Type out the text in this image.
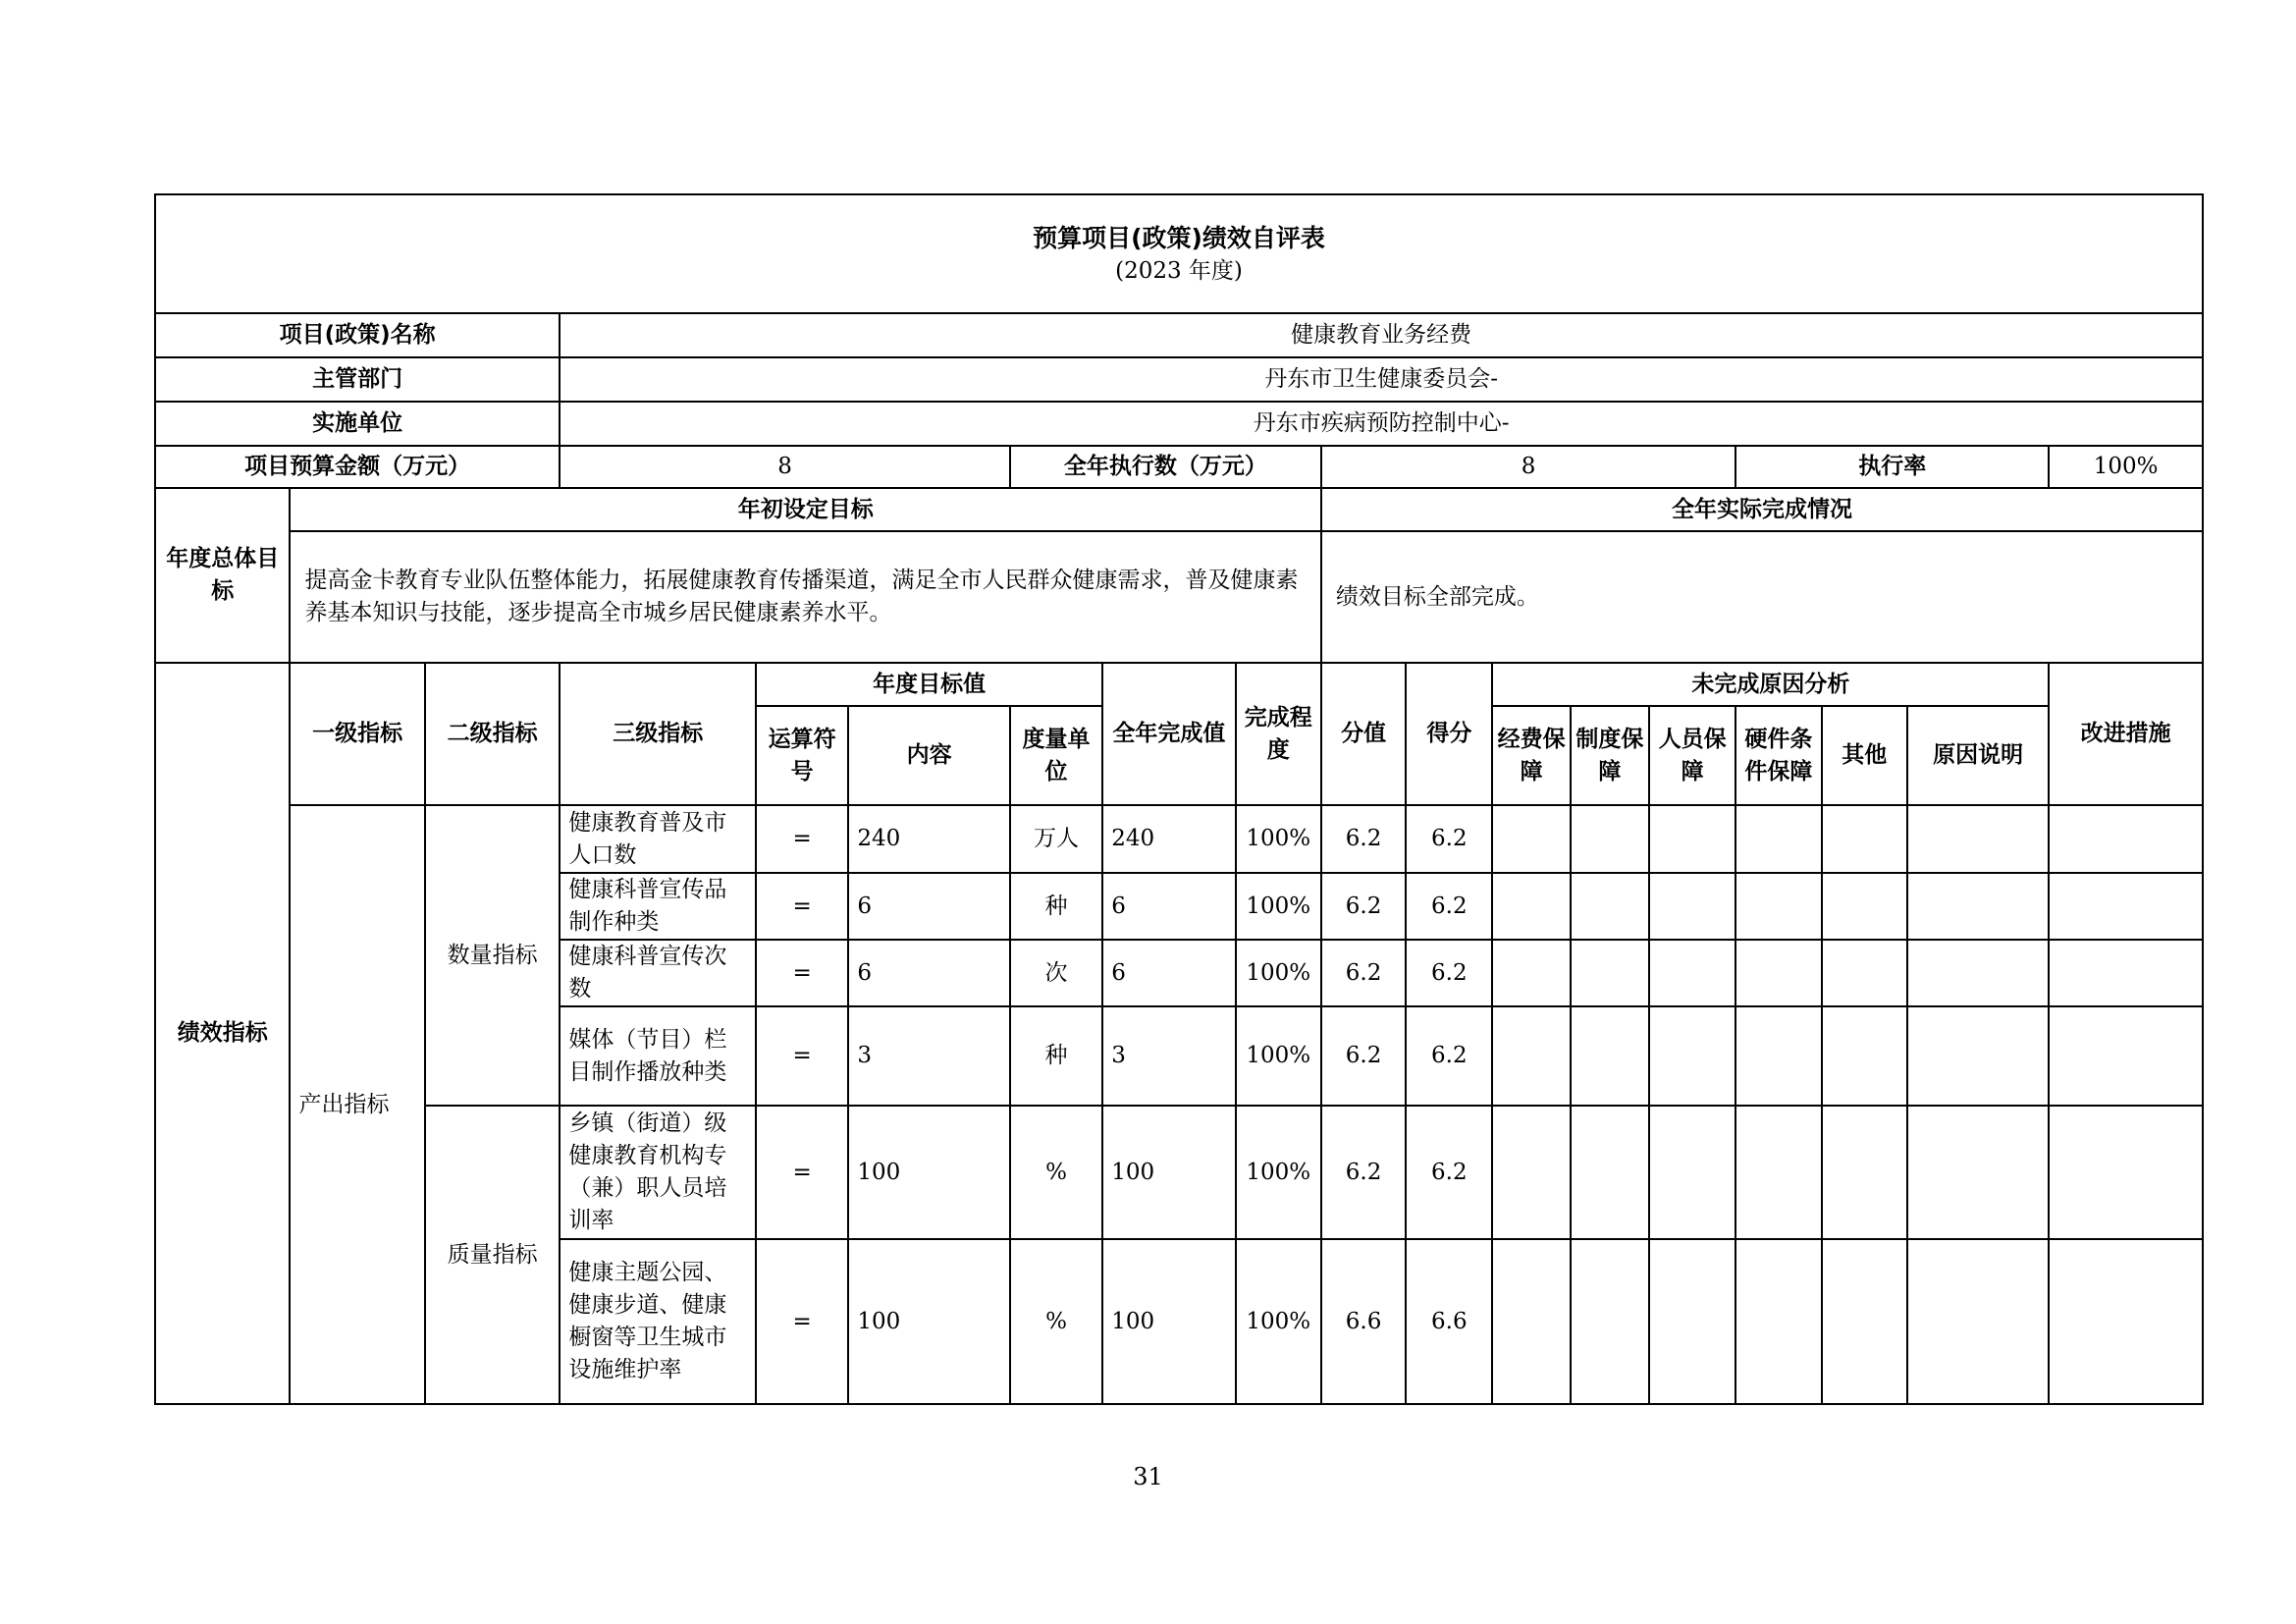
预算项目(政策)绩效自评表
(2023 年度)																	

项目(政策)名称			健康教育业务经费														
主管部门			丹东市卫生健康委员会-														
实施单位			丹东市疾病预防控制中心-														
项目预算金额（万元）			8			全年执行数（万元）			8					执行率			100%
年度总体目标	年初设定目标								全年实际完成情况								
	提高金卡教育专业队伍整体能力，拓展健康教育传播渠道，满足全市人民群众健康需求，普及健康素养基本知识与技能，逐步提高全市城乡居民健康素养水平。								绩效目标全部完成。								
绩效指标	一级指标	二级指标	三级指标	年度目标值			全年完成值	完成程度	分值	得分	未完成原因分析						改进措施
				运算符号	内容	度量单位					经费保障	制度保障	人员保障	硬件条件保障	其他	原因说明	
	产出指标	数量指标	健康教育普及市人口数	=	240	万人	240	100%	6.2	6.2							
			健康科普宣传品制作种类	=	6	种	6	100%	6.2	6.2							
			健康科普宣传次数	=	6	次	6	100%	6.2	6.2							
			媒体（节目）栏目制作播放种类	=	3	种	3	100%	6.2	6.2							
		质量指标	乡镇（街道）级健康教育机构专（兼）职人员培训率	=	100	%	100	100%	6.2	6.2							
			健康主题公园、健康步道、健康橱窗等卫生城市设施维护率	=	100	%	100	100%	6.6	6.6							
31
